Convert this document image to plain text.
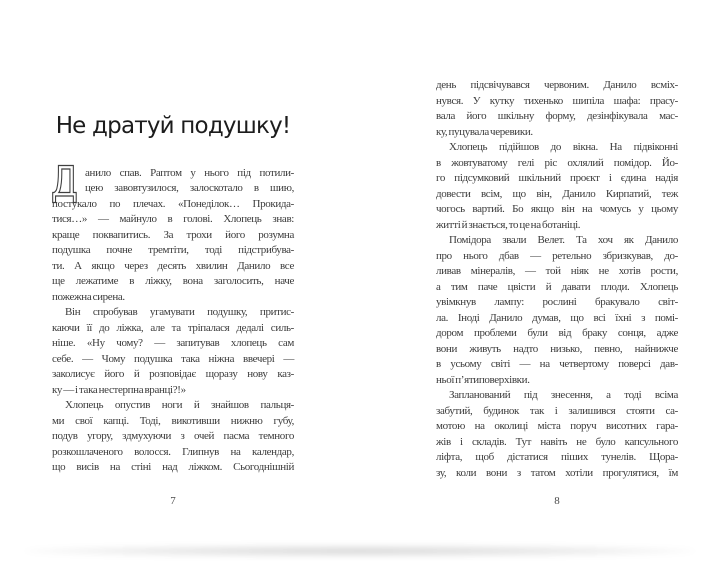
Не дратуй подушку!
Д анило спав. Раптом у нього під потили-
цею завовтузилося, залоскотало в шию,
постукало по плечах. «Понеділок… Прокида-
тися…» — майнуло в голові. Хлопець знав:
краще поквапитись. За трохи його розумна
подушка почне тремтіти, тоді підстрибува-
ти. А якщо через десять хвилин Данило все
ще лежатиме в ліжку, вона заголосить, наче
пожежна сирена.
Він спробував угамувати подушку, притис-
каючи її до ліжка, але та тріпалася дедалі силь-
ніше. «Ну чому? — запитував хлопець сам
себе. — Чому подушка така ніжна ввечері —
заколисує його й розповідає щоразу нову каз-
ку — і така нестерпна вранці?!»
Хлопець опустив ноги й знайшов пальця-
ми свої капці. Тоді, викотивши нижню губу,
подув угору, здмухуючи з очей пасма темного
розкошлаченого волосся. Глипнув на календар,
що висів на стіні над ліжком. Сьогоднішній
день підсвічувався червоним. Данило всміх-
нувся. У кутку тихенько шипіла шафа: прасу-
вала його шкільну форму, дезінфікувала мас-
ку, пуцувала черевики.
Хлопець підійшов до вікна. На підвіконні
в жовтуватому гелі ріс охлялий помідор. Йо-
го підсумковий шкільний проєкт і єдина надія
довести всім, що він, Данило Кирпатий, теж
чогось вартий. Бо якщо він на чомусь у цьому
житті й знається, то це на ботаніці.
Помідора звали Велет. Та хоч як Данило
про нього дбав — ретельно збризкував, до-
ливав мінералів, — той ніяк не хотів рости,
а тим паче цвісти й давати плоди. Хлопець
увімкнув лампу: рослині бракувало світ-
ла. Іноді Данило думав, що всі їхні з помі-
дором проблеми були від браку сонця, адже
вони живуть надто низько, певно, найнижче
в усьому світі — на четвертому поверсі дав-
ньої п’ятиповерхівки.
Запланований під знесення, а тоді всіма
забутий, будинок так і залишився стояти са-
мотою на околиці міста поруч висотних гара-
жів і складів. Тут навіть не було капсульного
ліфта, щоб дістатися піших тунелів. Щора-
зу, коли вони з татом хотіли прогулятися, їм
7	8
